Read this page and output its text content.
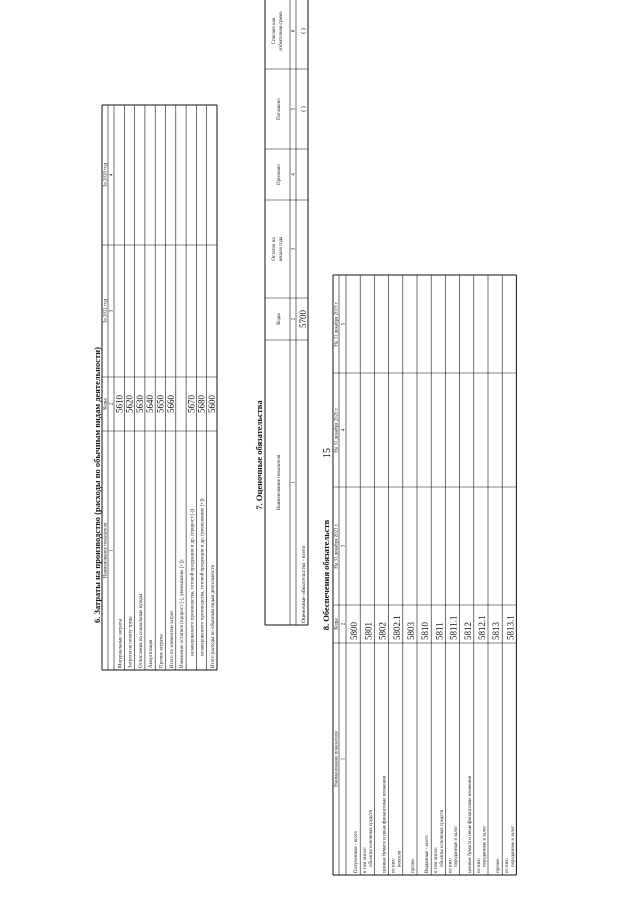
15
6. Затраты на производство (расходы по обычным видам деятельности) Наименование показателя
Коды
За 2021 год
За 2020 год
1
2
3
4
Материальные затраты
5610
Затраты на оплату труда
5620
Отчисления на социальные нужды
5630
Амортизация
5640
Прочие затраты
5650
Итого по элементам затрат
5660
Изменение остатков (прирост [-], уменьшение [+]): незавершенного производства, готовой продукции и др. (прирост [-])
5670
незавершенного производства, готовой продукции и др. (уменьшение [+])
5680
Итого расходы по обычным видам деятельности
5600	7. Оценочные обязательства	Наименование показателя
Коды
Остаток на начало года
Признано
Погашено
Списано как избыточная сумма
1
2
3
4
5
6
Оценочные обязательства - всего
5700
( )
( )
8. Обеспечения обязательств
Наименование показателя
Коды
На 31 декабря 2021 г.
На 31 декабря 2020 г.
На 31 декабря 2019 г.
1
2
3
4
5
Полученные - всего
5800
в том числе: объекты основных средств
5801
ценные бумаги и иные финансовые вложения
5802
из них: векселя
5802.1
прочее
5803
Выданные - всего
5810
в том числе: объекты основных средств
5811
из них: переданные в залог
5811.1
ценные бумаги и иные финансовые вложения
5812
из них: переданные в залог
5812.1
прочее
5813
из них: переданные в залог
5813.1
